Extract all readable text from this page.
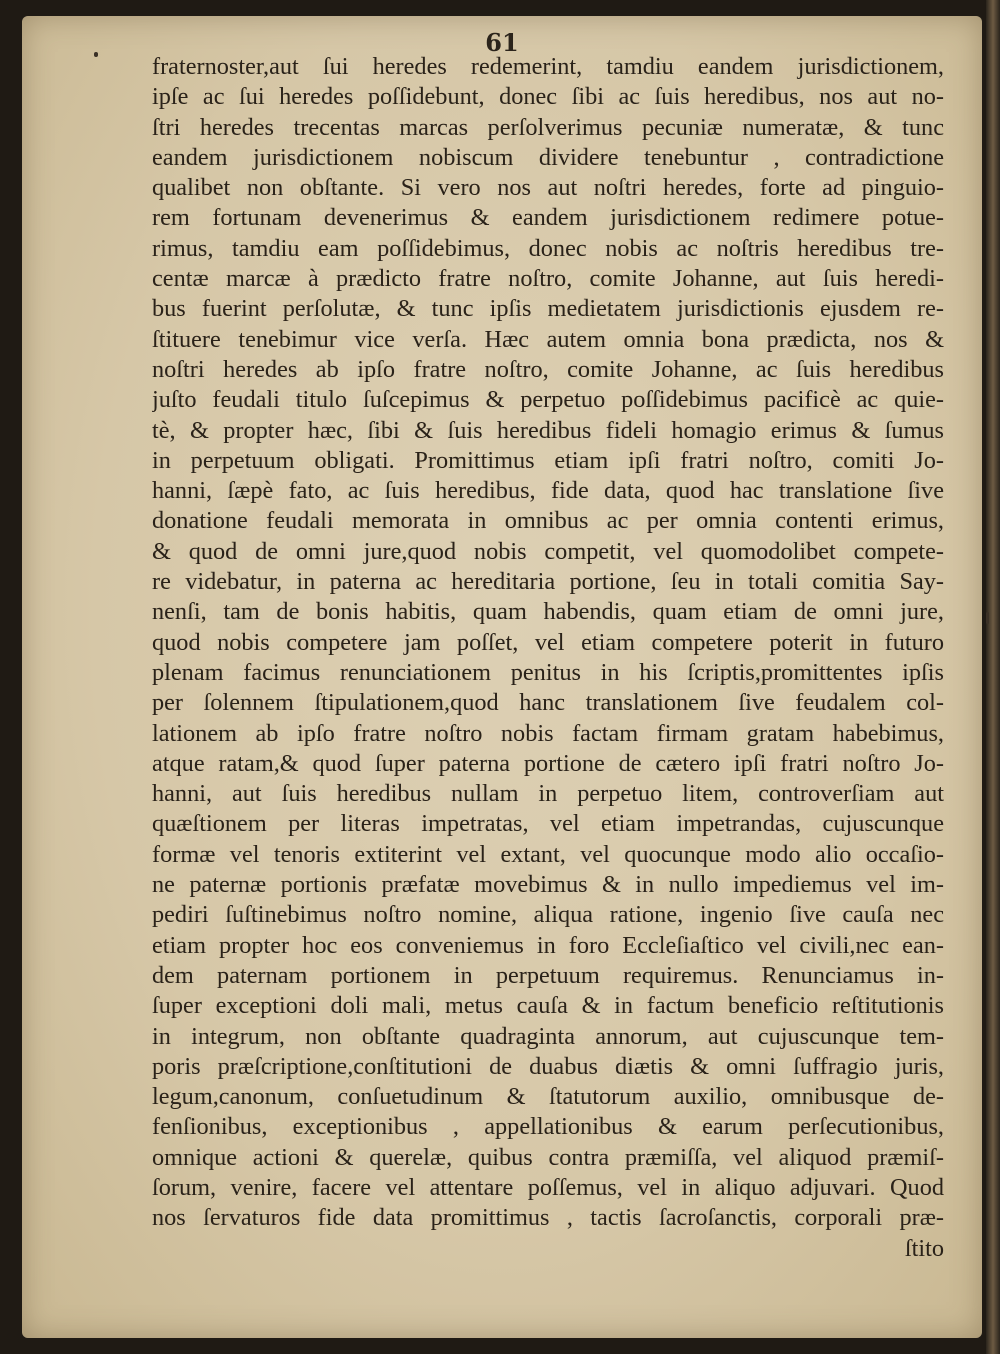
61
fraternoster,aut ſui heredes redemerint, tamdiu eandem jurisdictionem,
ipſe ac ſui heredes poſſidebunt, donec ſibi ac ſuis heredibus, nos aut no-
ſtri heredes trecentas marcas perſolverimus pecuniæ numeratæ, & tunc
eandem jurisdictionem nobiscum dividere tenebuntur , contradictione
qualibet non obſtante. Si vero nos aut noſtri heredes, forte ad pinguio-
rem fortunam devenerimus & eandem jurisdictionem redimere potue-
rimus, tamdiu eam poſſidebimus, donec nobis ac noſtris heredibus tre-
centæ marcæ à prædicto fratre noſtro, comite Johanne, aut ſuis heredi-
bus fuerint perſolutæ, & tunc ipſis medietatem jurisdictionis ejusdem re-
ſtituere tenebimur vice verſa. Hæc autem omnia bona prædicta, nos &
noſtri heredes ab ipſo fratre noſtro, comite Johanne, ac ſuis heredibus
juſto feudali titulo ſuſcepimus & perpetuo poſſidebimus pacificè ac quie-
tè, & propter hæc, ſibi & ſuis heredibus fideli homagio erimus & ſumus
in perpetuum obligati. Promittimus etiam ipſi fratri noſtro, comiti Jo-
hanni, ſæpè fato, ac ſuis heredibus, fide data, quod hac translatione ſive
donatione feudali memorata in omnibus ac per omnia contenti erimus,
& quod de omni jure,quod nobis competit, vel quomodolibet compete-
re videbatur, in paterna ac hereditaria portione, ſeu in totali comitia Say-
nenſi, tam de bonis habitis, quam habendis, quam etiam de omni jure,
quod nobis competere jam poſſet, vel etiam competere poterit in futuro
plenam facimus renunciationem penitus in his ſcriptis,promittentes ipſis
per ſolennem ſtipulationem,quod hanc translationem ſive feudalem col-
lationem ab ipſo fratre noſtro nobis factam firmam gratam habebimus,
atque ratam,& quod ſuper paterna portione de cætero ipſi fratri noſtro Jo-
hanni, aut ſuis heredibus nullam in perpetuo litem, controverſiam aut
quæſtionem per literas impetratas, vel etiam impetrandas, cujuscunque
formæ vel tenoris extiterint vel extant, vel quocunque modo alio occaſio-
ne paternæ portionis præfatæ movebimus & in nullo impediemus vel im-
pediri ſuſtinebimus noſtro nomine, aliqua ratione, ingenio ſive cauſa nec
etiam propter hoc eos conveniemus in foro Eccleſiaſtico vel civili,nec ean-
dem paternam portionem in perpetuum requiremus. Renunciamus in-
ſuper exceptioni doli mali, metus cauſa & in factum beneficio reſtitutionis
in integrum, non obſtante quadraginta annorum, aut cujuscunque tem-
poris præſcriptione,conſtitutioni de duabus diætis & omni ſuffragio juris,
legum,canonum, conſuetudinum & ſtatutorum auxilio, omnibusque de-
fenſionibus, exceptionibus , appellationibus & earum perſecutionibus,
omnique actioni & querelæ, quibus contra præmiſſa, vel aliquod præmiſ-
ſorum, venire, facere vel attentare poſſemus, vel in aliquo adjuvari. Quod
nos ſervaturos fide data promittimus , tactis ſacroſanctis, corporali præ-
ſtito
